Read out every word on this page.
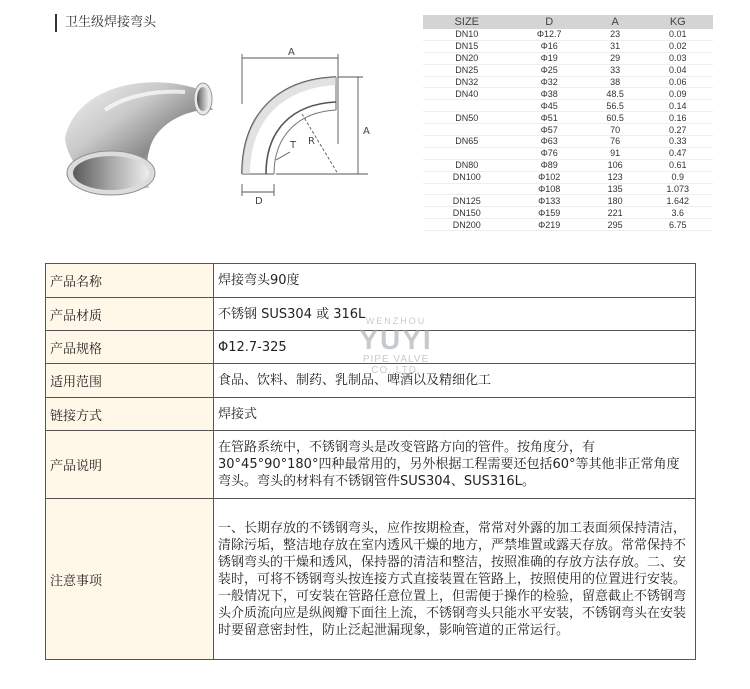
卫生级焊接弯头
A
A
D
T R
SIZE	D	A	KG
DN10	Φ12.7	23	0.01
DN15	Φ16	31	0.02
DN20	Φ19	29	0.03
DN25	Φ25	33	0.04
DN32	Φ32	38	0.06
DN40	Φ38	48.5	0.09
	Φ45	56.5	0.14
DN50	Φ51	60.5	0.16
	Φ57	70	0.27
DN65	Φ63	76	0.33
	Φ76	91	0.47
DN80	Φ89	106	0.61
DN100	Φ102	123	0.9
	Φ108	135	1.073
DN125	Φ133	180	1.642
DN150	Φ159	221	3.6
DN200	Φ219	295	6.75
产品名称	焊接弯头90度
产品材质	不锈钢 SUS304 或 316L
产品规格	Φ12.7-325
适用范围	食品、饮料、制药、乳制品、啤酒以及精细化工
链接方式	焊接式
产品说明	在管路系统中，不锈钢弯头是改变管路方向的管件。按角度分，有30°45°90°180°四种最常用的，另外根据工程需要还包括60°等其他非正常角度弯头。弯头的材料有不锈钢管件SUS304、SUS316L。
注意事项	一、长期存放的不锈钢弯头，应作按期检查，常常对外露的加工表面须保持清洁，清除污垢，整洁地存放在室内透风干燥的地方，严禁堆置或露天存放。常常保持不锈钢弯头的干燥和透风，保持器的清洁和整洁，按照准确的存放方法存放。二、安装时，可将不锈钢弯头按连接方式直接装置在管路上，按照使用的位置进行安装。一般情况下，可安装在管路任意位置上，但需便于操作的检验，留意截止不锈钢弯头介质流向应是纵阀瓣下面往上流，不锈钢弯头只能水平安装，不锈钢弯头在安装时要留意密封性，防止泛起泄漏现象，影响管道的正常运行。
WENZHOU
YUYI
PIPE VALVE
CO.,LTD.
